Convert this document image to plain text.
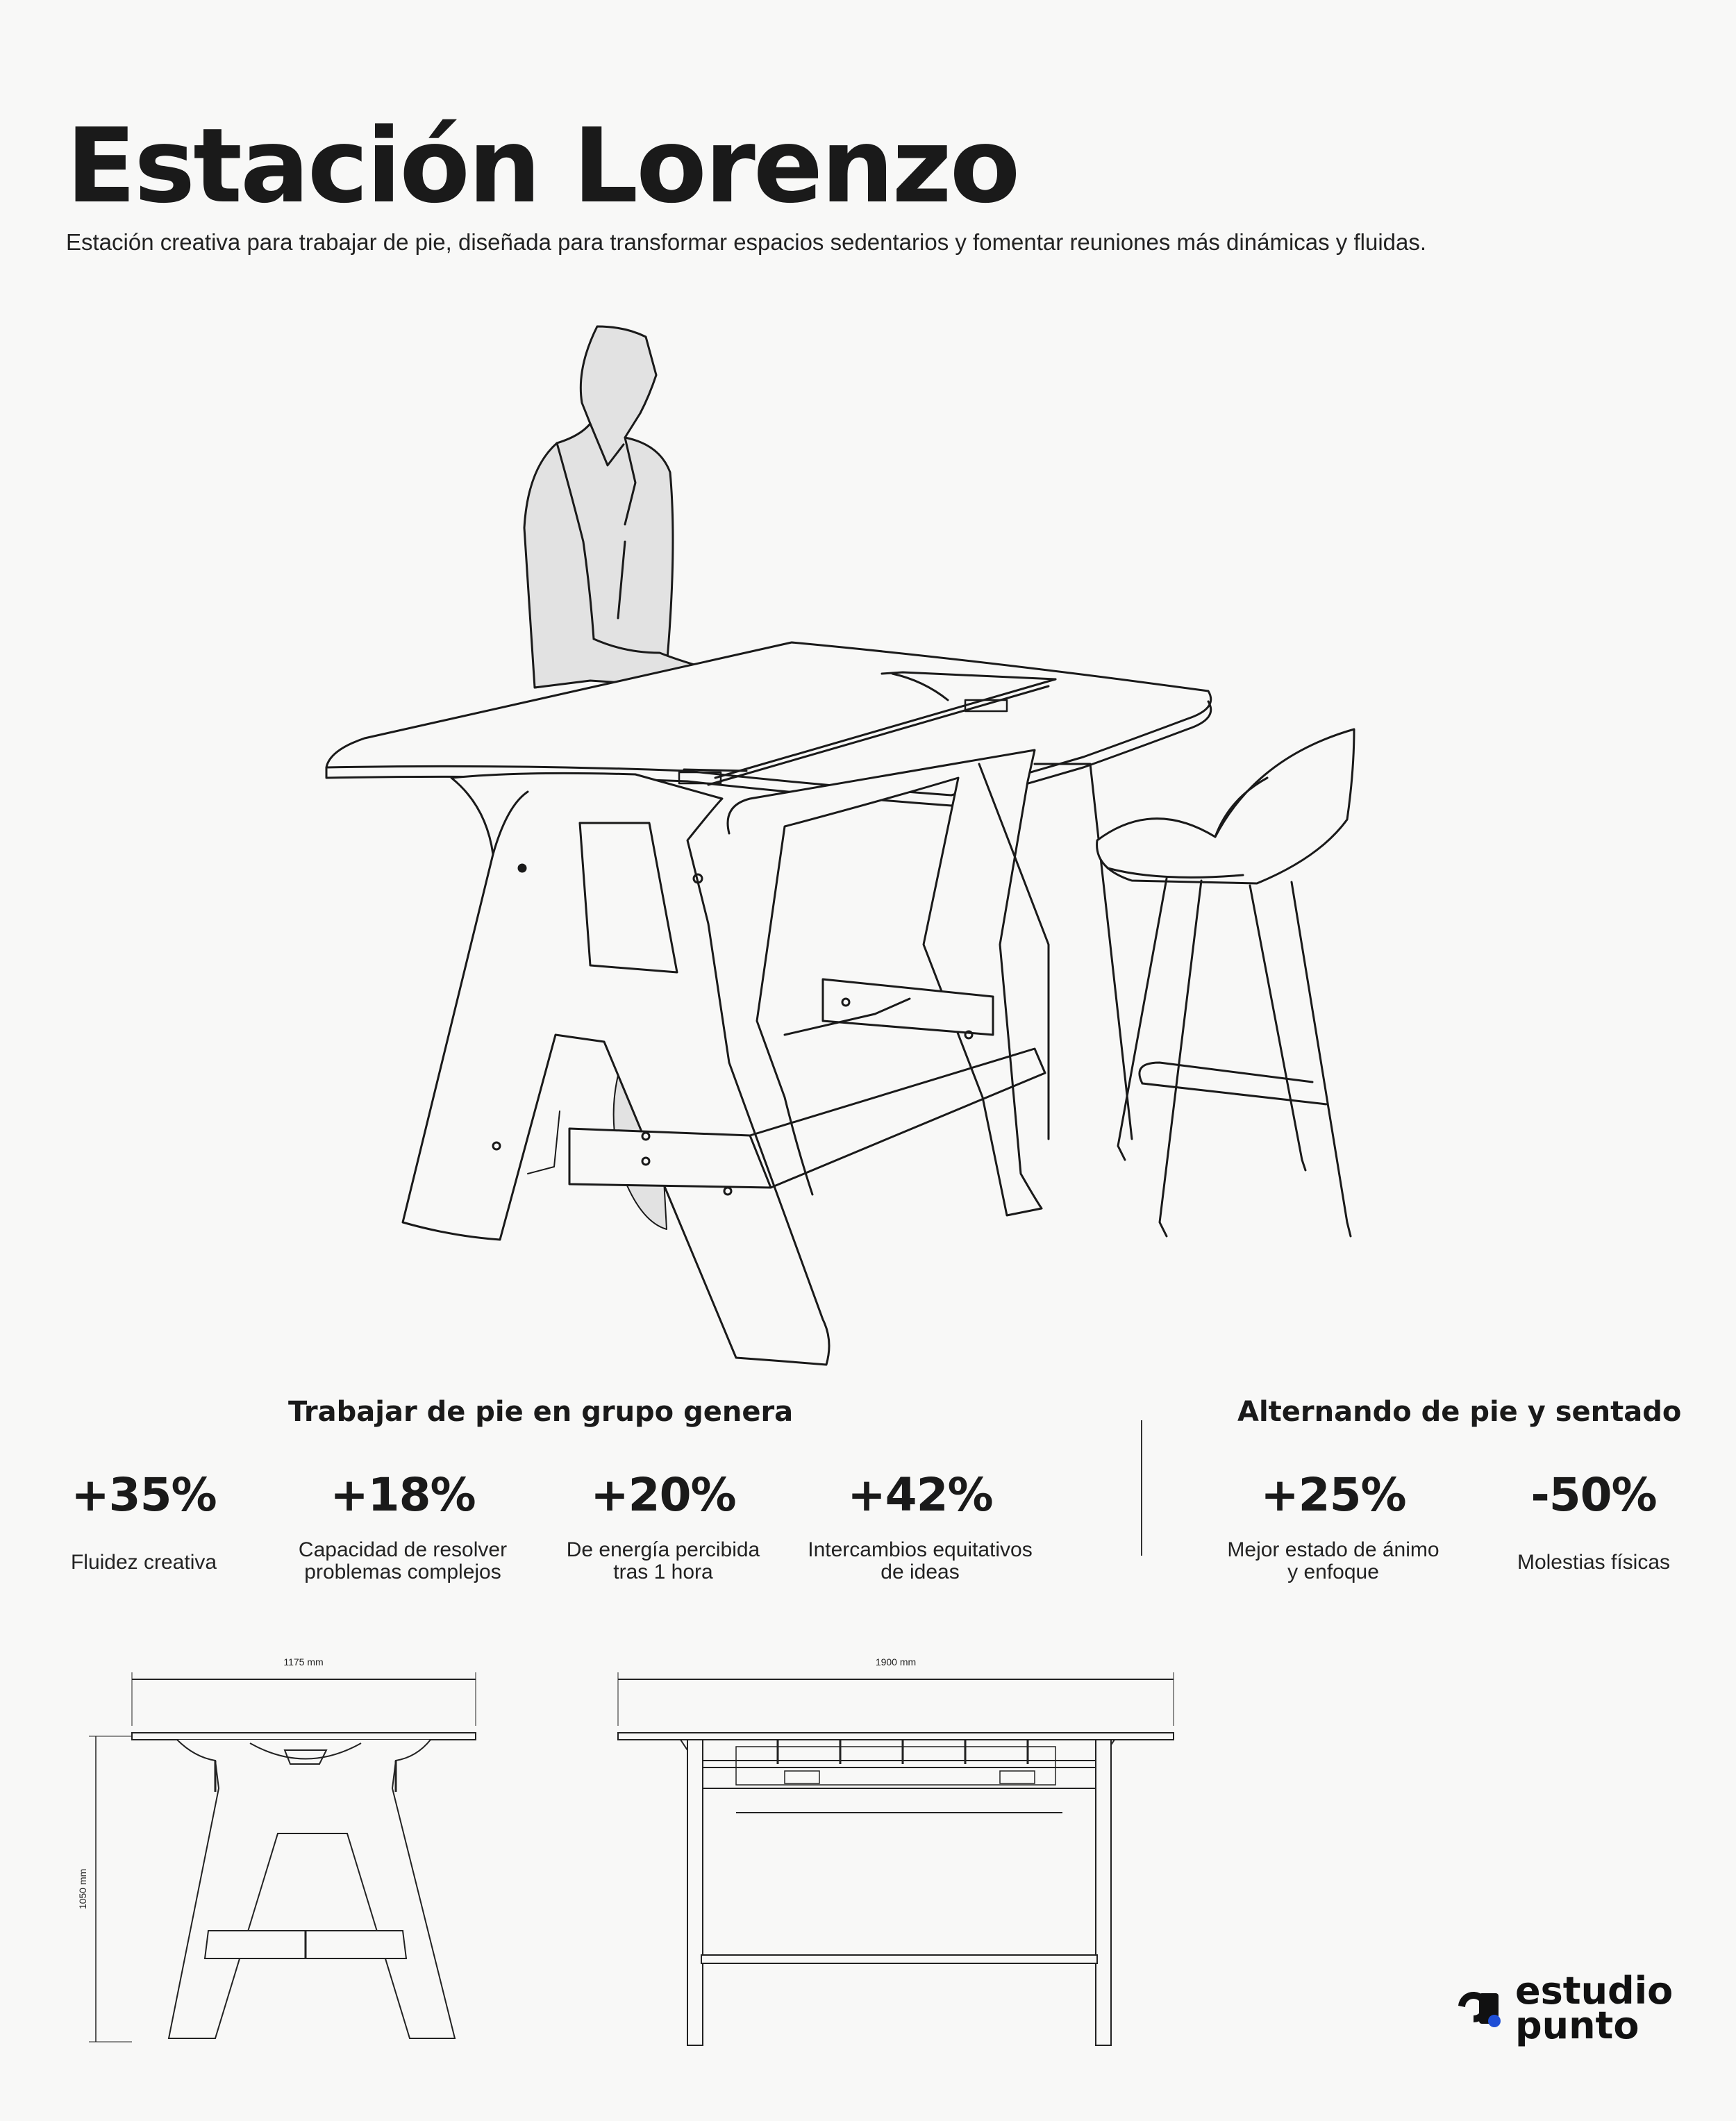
Estación Lorenzo

Estación creativa para trabajar de pie, diseñada para transformar espacios sedentarios y fomentar reuniones más dinámicas y fluidas.

Trabajar de pie en grupo genera	Alternando de pie y sentado
+35%
Fluidez creativa
+18%
Capacidad de resolver
problemas complejos
+20%
De energía percibida
tras 1 hora
+42%
Intercambios equitativos
de ideas
+25%
Mejor estado de ánimo
y enfoque
-50%
Molestias físicas
1175 mm
1050 mm
1900 mm
estudio
punto
